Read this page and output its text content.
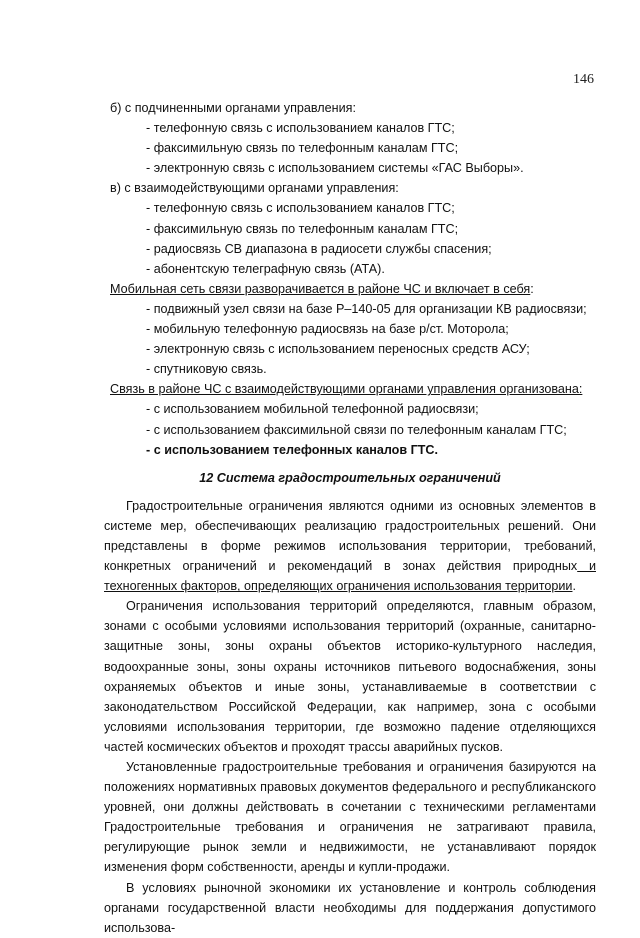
146
б) с подчиненными органами управления:
- телефонную связь с использованием каналов ГТС;
- факсимильную связь по телефонным каналам ГТС;
- электронную связь с использованием системы «ГАС Выборы».
в) с взаимодействующими органами управления:
- телефонную связь с использованием каналов ГТС;
- факсимильную связь по телефонным каналам ГТС;
- радиосвязь СВ диапазона в радиосети службы спасения;
- абонентскую телеграфную связь (АТА).
Мобильная сеть связи разворачивается в районе ЧС и включает в себя:
- подвижный узел связи на базе Р–140-05 для организации КВ радиосвязи;
- мобильную телефонную радиосвязь на базе р/ст. Моторола;
- электронную связь с использованием переносных средств АСУ;
- спутниковую связь.
Связь в районе ЧС с взаимодействующими органами управления организована:
- с использованием мобильной телефонной радиосвязи;
- с использованием факсимильной связи по телефонным каналам ГТС;
- с использованием телефонных каналов ГТС.
12 Система градостроительных ограничений

Градостроительные ограничения являются одними из основных элементов в системе мер, обеспечивающих реализацию градостроительных решений. Они представлены в форме режимов использования территории, требований, конкретных ограничений и рекомендаций в зонах действия природных и техногенных факторов, определяющих ограничения использования территории.

Ограничения использования территорий определяются, главным образом, зонами с особыми условиями использования территорий (охранные, санитарно-защитные зоны, зоны охраны объектов историко-культурного наследия, водоохранные зоны, зоны охраны источников питьевого водоснабжения, зоны охраняемых объектов и иные зоны, устанавливаемые в соответствии с законодательством Российской Федерации, как например, зона с особыми условиями использования территории, где возможно падение отделяющихся частей космических объектов и проходят трассы аварийных пусков.

Установленные градостроительные требования и ограничения базируются на положениях нормативных правовых документов федерального и республиканского уровней, они должны действовать в сочетании с техническими регламентами Градостроительные требования и ограничения не затрагивают правила, регулирующие рынок земли и недвижимости, не устанавливают порядок изменения форм собственности, аренды и купли-продажи.

В условиях рыночной экономики их установление и контроль соблюдения органами государственной власти необходимы для поддержания допустимого использова-
